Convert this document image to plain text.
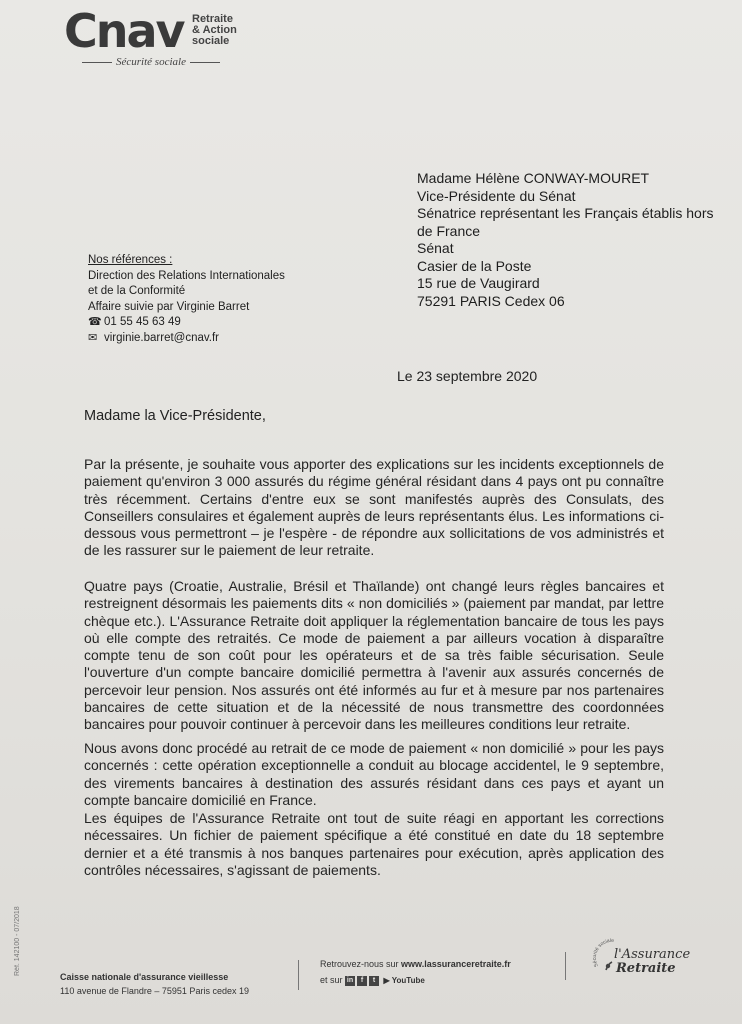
Cnav Retraite
& Action
sociale
Sécurité sociale
Madame Hélène CONWAY-MOURET
Vice-Présidente du Sénat
Sénatrice représentant les Français établis hors
de France
Sénat
Casier de la Poste
15 rue de Vaugirard
75291 PARIS Cedex 06
Nos références :
Direction des Relations Internationales
et de la Conformité
Affaire suivie par Virginie Barret
☎ 01 55 45 63 49
✉ virginie.barret@cnav.fr
Le 23 septembre 2020
Madame la Vice-Présidente,
Par la présente, je souhaite vous apporter des explications sur les incidents exceptionnels de paiement qu'environ 3 000 assurés du régime général résidant dans 4 pays ont pu connaître très récemment. Certains d'entre eux se sont manifestés auprès des Consulats, des Conseillers consulaires et également auprès de leurs représentants élus. Les informations ci-dessous vous permettront – je l'espère - de répondre aux sollicitations de vos administrés et de les rassurer sur le paiement de leur retraite.
Quatre pays (Croatie, Australie, Brésil et Thaïlande) ont changé leurs règles bancaires et restreignent désormais les paiements dits « non domiciliés » (paiement par mandat, par lettre chèque etc.). L'Assurance Retraite doit appliquer la réglementation bancaire de tous les pays où elle compte des retraités. Ce mode de paiement a par ailleurs vocation à disparaître compte tenu de son coût pour les opérateurs et de sa très faible sécurisation. Seule l'ouverture d'un compte bancaire domicilié permettra à l'avenir aux assurés concernés de percevoir leur pension. Nos assurés ont été informés au fur et à mesure par nos partenaires bancaires de cette situation et de la nécessité de nous transmettre des coordonnées bancaires pour pouvoir continuer à percevoir dans les meilleures conditions leur retraite.
Nous avons donc procédé au retrait de ce mode de paiement « non domicilié » pour les pays concernés : cette opération exceptionnelle a conduit au blocage accidentel, le 9 septembre, des virements bancaires à destination des assurés résidant dans ces pays et ayant un compte bancaire domicilié en France.
Les équipes de l'Assurance Retraite ont tout de suite réagi en apportant les corrections nécessaires. Un fichier de paiement spécifique a été constitué en date du 18 septembre dernier et a été transmis à nos banques partenaires pour exécution, après application des contrôles nécessaires, s'agissant de paiements.
Réf. 142100 - 07/2018
Caisse nationale d'assurance vieillesse
110 avenue de Flandre – 75951 Paris cedex 19
Retrouvez-nous sur www.lassuranceretraite.fr
et sur in f t ▶ YouTube
Sécurité sociale
l'Assurance
Retraite
